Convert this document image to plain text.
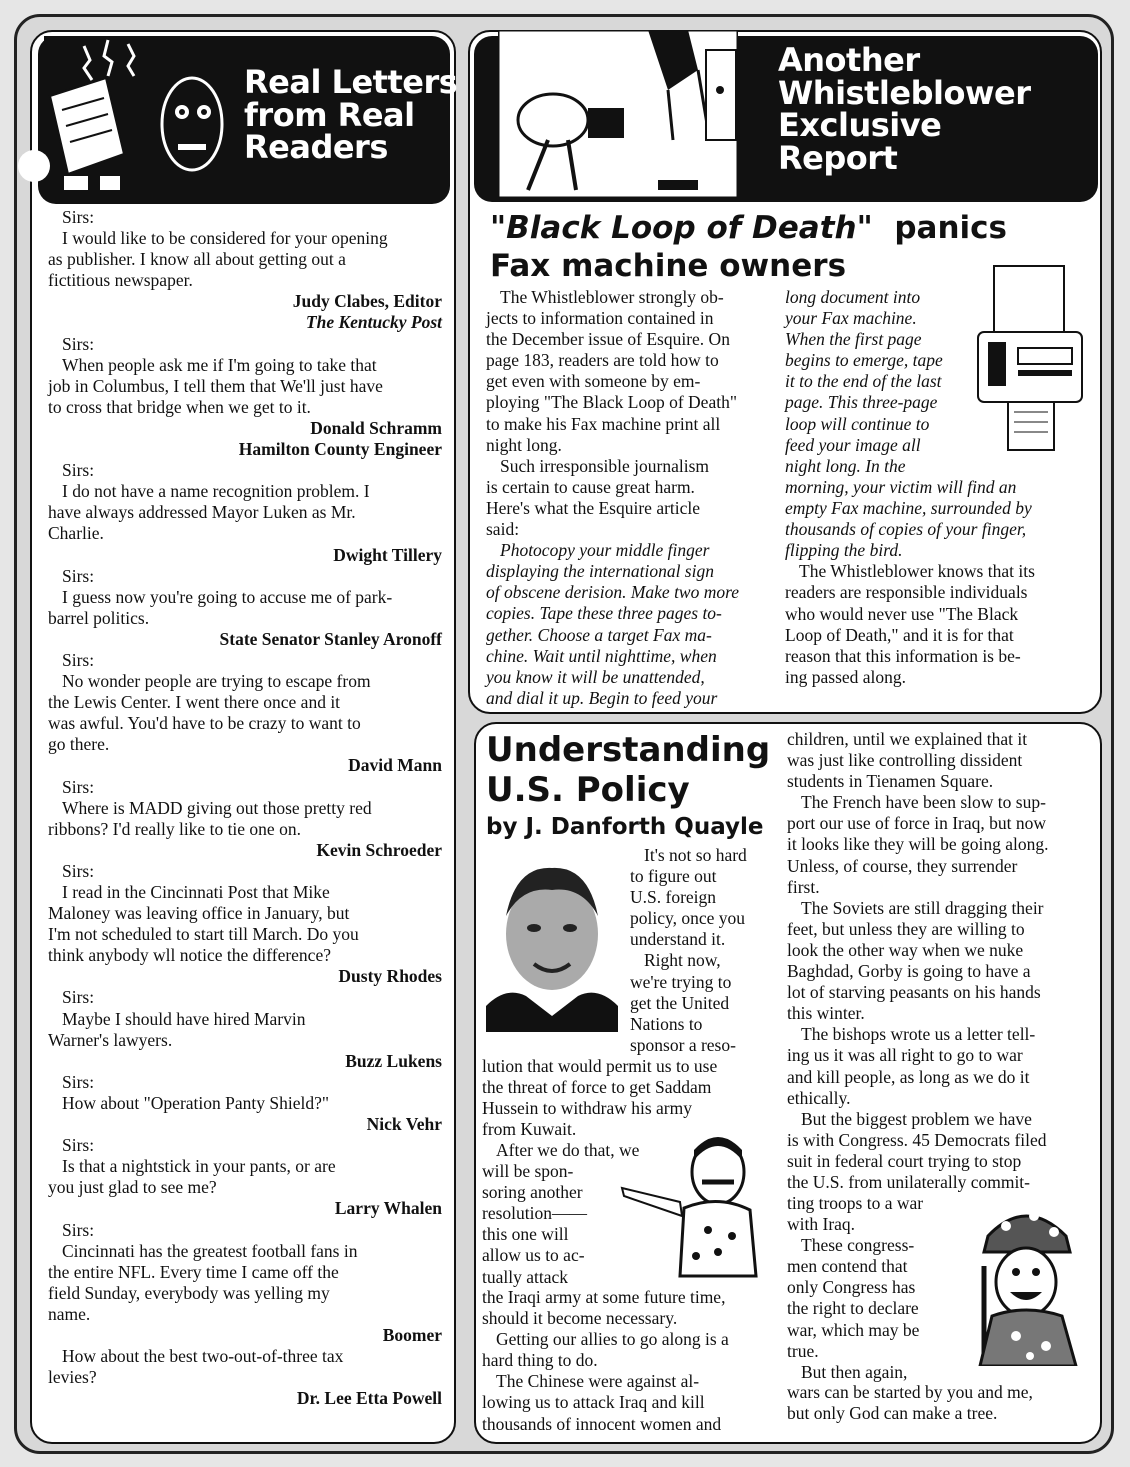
Real Letters
from Real
Readers
Sirs:
I would like to be considered for your opening
as publisher. I know all about getting out a
fictitious newspaper.
Judy Clabes, Editor
The Kentucky Post
Sirs:
When people ask me if I'm going to take that
job in Columbus, I tell them that We'll just have
to cross that bridge when we get to it.
Donald Schramm
Hamilton County Engineer
Sirs:
I do not have a name recognition problem. I
have always addressed Mayor Luken as Mr.
Charlie.
Dwight Tillery
Sirs:
I guess now you're going to accuse me of park-
barrel politics.
State Senator Stanley Aronoff
Sirs:
No wonder people are trying to escape from
the Lewis Center. I went there once and it
was awful. You'd have to be crazy to want to
go there.
David Mann
Sirs:
Where is MADD giving out those pretty red
ribbons? I'd really like to tie one on.
Kevin Schroeder
Sirs:
I read in the Cincinnati Post that Mike
Maloney was leaving office in January, but
I'm not scheduled to start till March. Do you
think anybody wll notice the difference?
Dusty Rhodes
Sirs:
Maybe I should have hired Marvin
Warner's lawyers.
Buzz Lukens
Sirs:
How about "Operation Panty Shield?"
Nick Vehr
Sirs:
Is that a nightstick in your pants, or are
you just glad to see me?
Larry Whalen
Sirs:
Cincinnati has the greatest football fans in
the entire NFL. Every time I came off the
field Sunday, everybody was yelling my
name.
Boomer
How about the best two-out-of-three tax
levies?
Dr. Lee Etta Powell
Another
Whistleblower
Exclusive
Report
"Black Loop of Death" panics
Fax machine owners
The Whistleblower strongly ob-
jects to information contained in
the December issue of Esquire. On
page 183, readers are told how to
get even with someone by em-
ploying "The Black Loop of Death"
to make his Fax machine print all
night long.
Such irresponsible journalism
is certain to cause great harm.
Here's what the Esquire article
said:
Photocopy your middle finger
displaying the international sign
of obscene derision. Make two more
copies. Tape these three pages to-
gether. Choose a target Fax ma-
chine. Wait until nighttime, when
you know it will be unattended,
and dial it up. Begin to feed your
long document into
your Fax machine.
When the first page
begins to emerge, tape
it to the end of the last
page. This three-page
loop will continue to
feed your image all
night long. In the
morning, your victim will find an
empty Fax machine, surrounded by
thousands of copies of your finger,
flipping the bird.
The Whistleblower knows that its
readers are responsible individuals
who would never use "The Black
Loop of Death," and it is for that
reason that this information is be-
ing passed along.
Understanding
U.S. Policy
by J. Danforth Quayle
It's not so hard
to figure out
U.S. foreign
policy, once you
understand it.
Right now,
we're trying to
get the United
Nations to
sponsor a reso-
lution that would permit us to use
the threat of force to get Saddam
Hussein to withdraw his army
from Kuwait.
After we do that, we
will be spon-
soring another
resolution——
this one will
allow us to ac-
tually attack
the Iraqi army at some future time,
should it become necessary.
Getting our allies to go along is a
hard thing to do.
The Chinese were against al-
lowing us to attack Iraq and kill
thousands of innocent women and
children, until we explained that it
was just like controlling dissident
students in Tienamen Square.
The French have been slow to sup-
port our use of force in Iraq, but now
it looks like they will be going along.
Unless, of course, they surrender
first.
The Soviets are still dragging their
feet, but unless they are willing to
look the other way when we nuke
Baghdad, Gorby is going to have a
lot of starving peasants on his hands
this winter.
The bishops wrote us a letter tell-
ing us it was all right to go to war
and kill people, as long as we do it
ethically.
But the biggest problem we have
is with Congress. 45 Democrats filed
suit in federal court trying to stop
the U.S. from unilaterally commit-
ting troops to a war
with Iraq.
These congress-
men contend that
only Congress has
the right to declare
war, which may be
true.
But then again,
wars can be started by you and me,
but only God can make a tree.
